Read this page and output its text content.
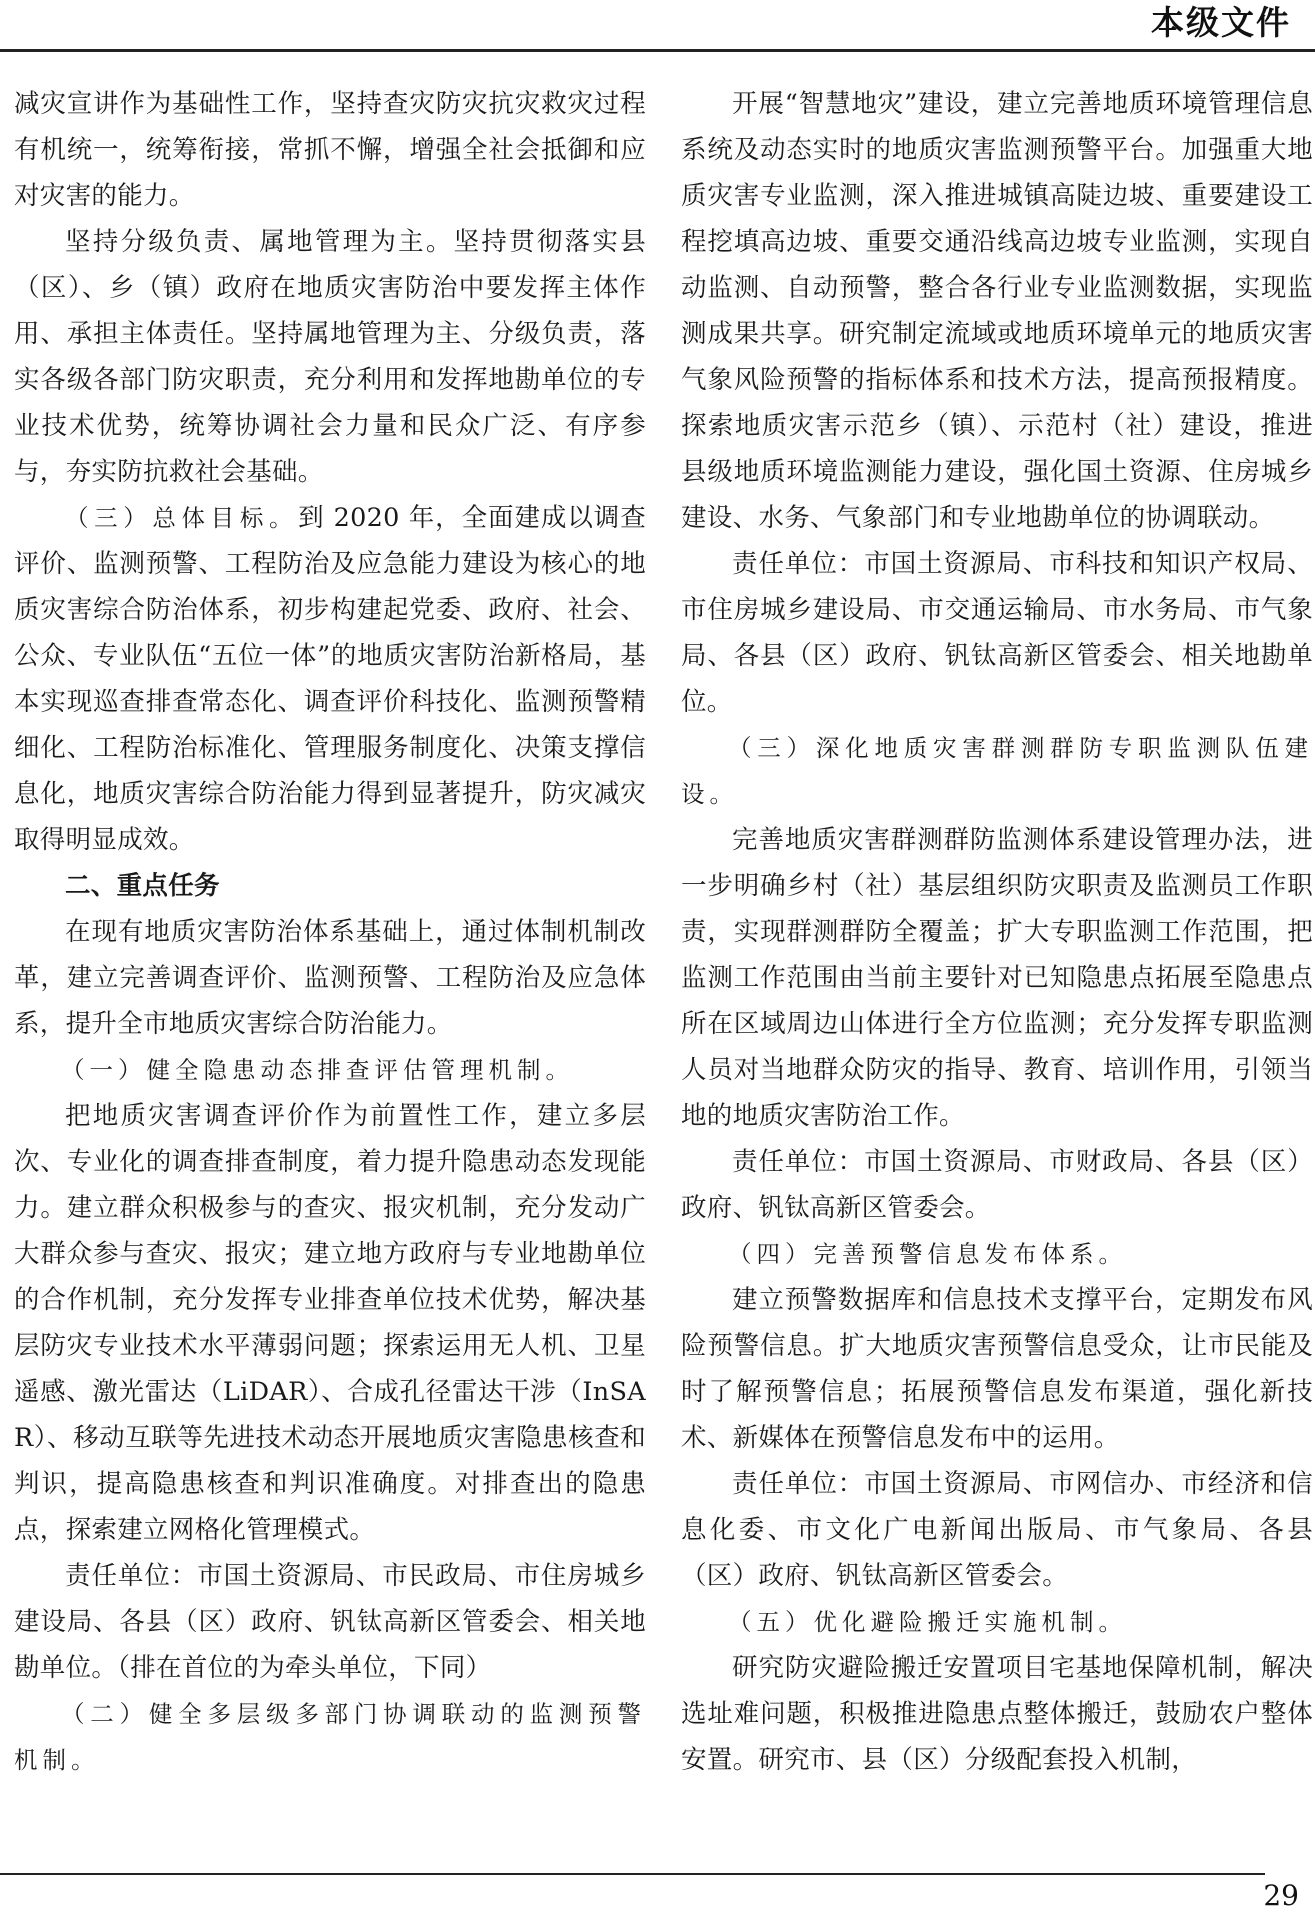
本级文件

减灾宣讲作为基础性工作，坚持查灾防灾抗灾救灾过程有机统一，统筹衔接，常抓不懈，增强全社会抵御和应对灾害的能力。

坚持分级负责、属地管理为主。坚持贯彻落实县（区）、乡（镇）政府在地质灾害防治中要发挥主体作用、承担主体责任。坚持属地管理为主、分级负责，落实各级各部门防灾职责，充分利用和发挥地勘单位的专业技术优势，统筹协调社会力量和民众广泛、有序参与，夯实防抗救社会基础。

（三）总体目标。到 2020 年，全面建成以调查评价、监测预警、工程防治及应急能力建设为核心的地质灾害综合防治体系，初步构建起党委、政府、社会、公众、专业队伍“五位一体”的地质灾害防治新格局，基本实现巡查排查常态化、调查评价科技化、监测预警精细化、工程防治标准化、管理服务制度化、决策支撑信息化，地质灾害综合防治能力得到显著提升，防灾减灾取得明显成效。

二、重点任务

在现有地质灾害防治体系基础上，通过体制机制改革，建立完善调查评价、监测预警、工程防治及应急体系，提升全市地质灾害综合防治能力。

（一）健全隐患动态排查评估管理机制。

把地质灾害调查评价作为前置性工作，建立多层次、专业化的调查排查制度，着力提升隐患动态发现能力。建立群众积极参与的查灾、报灾机制，充分发动广大群众参与查灾、报灾；建立地方政府与专业地勘单位的合作机制，充分发挥专业排查单位技术优势，解决基层防灾专业技术水平薄弱问题；探索运用无人机、卫星遥感、激光雷达（LiDAR）、合成孔径雷达干涉（InSAR）、移动互联等先进技术动态开展地质灾害隐患核查和判识，提高隐患核查和判识准确度。对排查出的隐患点，探索建立网格化管理模式。

责任单位：市国土资源局、市民政局、市住房城乡建设局、各县（区）政府、钒钛高新区管委会、相关地勘单位。（排在首位的为牵头单位，下同）

（二）健全多层级多部门协调联动的监测预警机制。

开展“智慧地灾”建设，建立完善地质环境管理信息系统及动态实时的地质灾害监测预警平台。加强重大地质灾害专业监测，深入推进城镇高陡边坡、重要建设工程挖填高边坡、重要交通沿线高边坡专业监测，实现自动监测、自动预警，整合各行业专业监测数据，实现监测成果共享。研究制定流域或地质环境单元的地质灾害气象风险预警的指标体系和技术方法，提高预报精度。探索地质灾害示范乡（镇）、示范村（社）建设，推进县级地质环境监测能力建设，强化国土资源、住房城乡建设、水务、气象部门和专业地勘单位的协调联动。

责任单位：市国土资源局、市科技和知识产权局、市住房城乡建设局、市交通运输局、市水务局、市气象局、各县（区）政府、钒钛高新区管委会、相关地勘单位。

（三）深化地质灾害群测群防专职监测队伍建设。

完善地质灾害群测群防监测体系建设管理办法，进一步明确乡村（社）基层组织防灾职责及监测员工作职责，实现群测群防全覆盖；扩大专职监测工作范围，把监测工作范围由当前主要针对已知隐患点拓展至隐患点所在区域周边山体进行全方位监测；充分发挥专职监测人员对当地群众防灾的指导、教育、培训作用，引领当地的地质灾害防治工作。

责任单位：市国土资源局、市财政局、各县（区）政府、钒钛高新区管委会。

（四）完善预警信息发布体系。

建立预警数据库和信息技术支撑平台，定期发布风险预警信息。扩大地质灾害预警信息受众，让市民能及时了解预警信息；拓展预警信息发布渠道，强化新技术、新媒体在预警信息发布中的运用。

责任单位：市国土资源局、市网信办、市经济和信息化委、市文化广电新闻出版局、市气象局、各县（区）政府、钒钛高新区管委会。

（五）优化避险搬迁实施机制。

研究防灾避险搬迁安置项目宅基地保障机制，解决选址难问题，积极推进隐患点整体搬迁，鼓励农户整体安置。研究市、县（区）分级配套投入机制，

29
